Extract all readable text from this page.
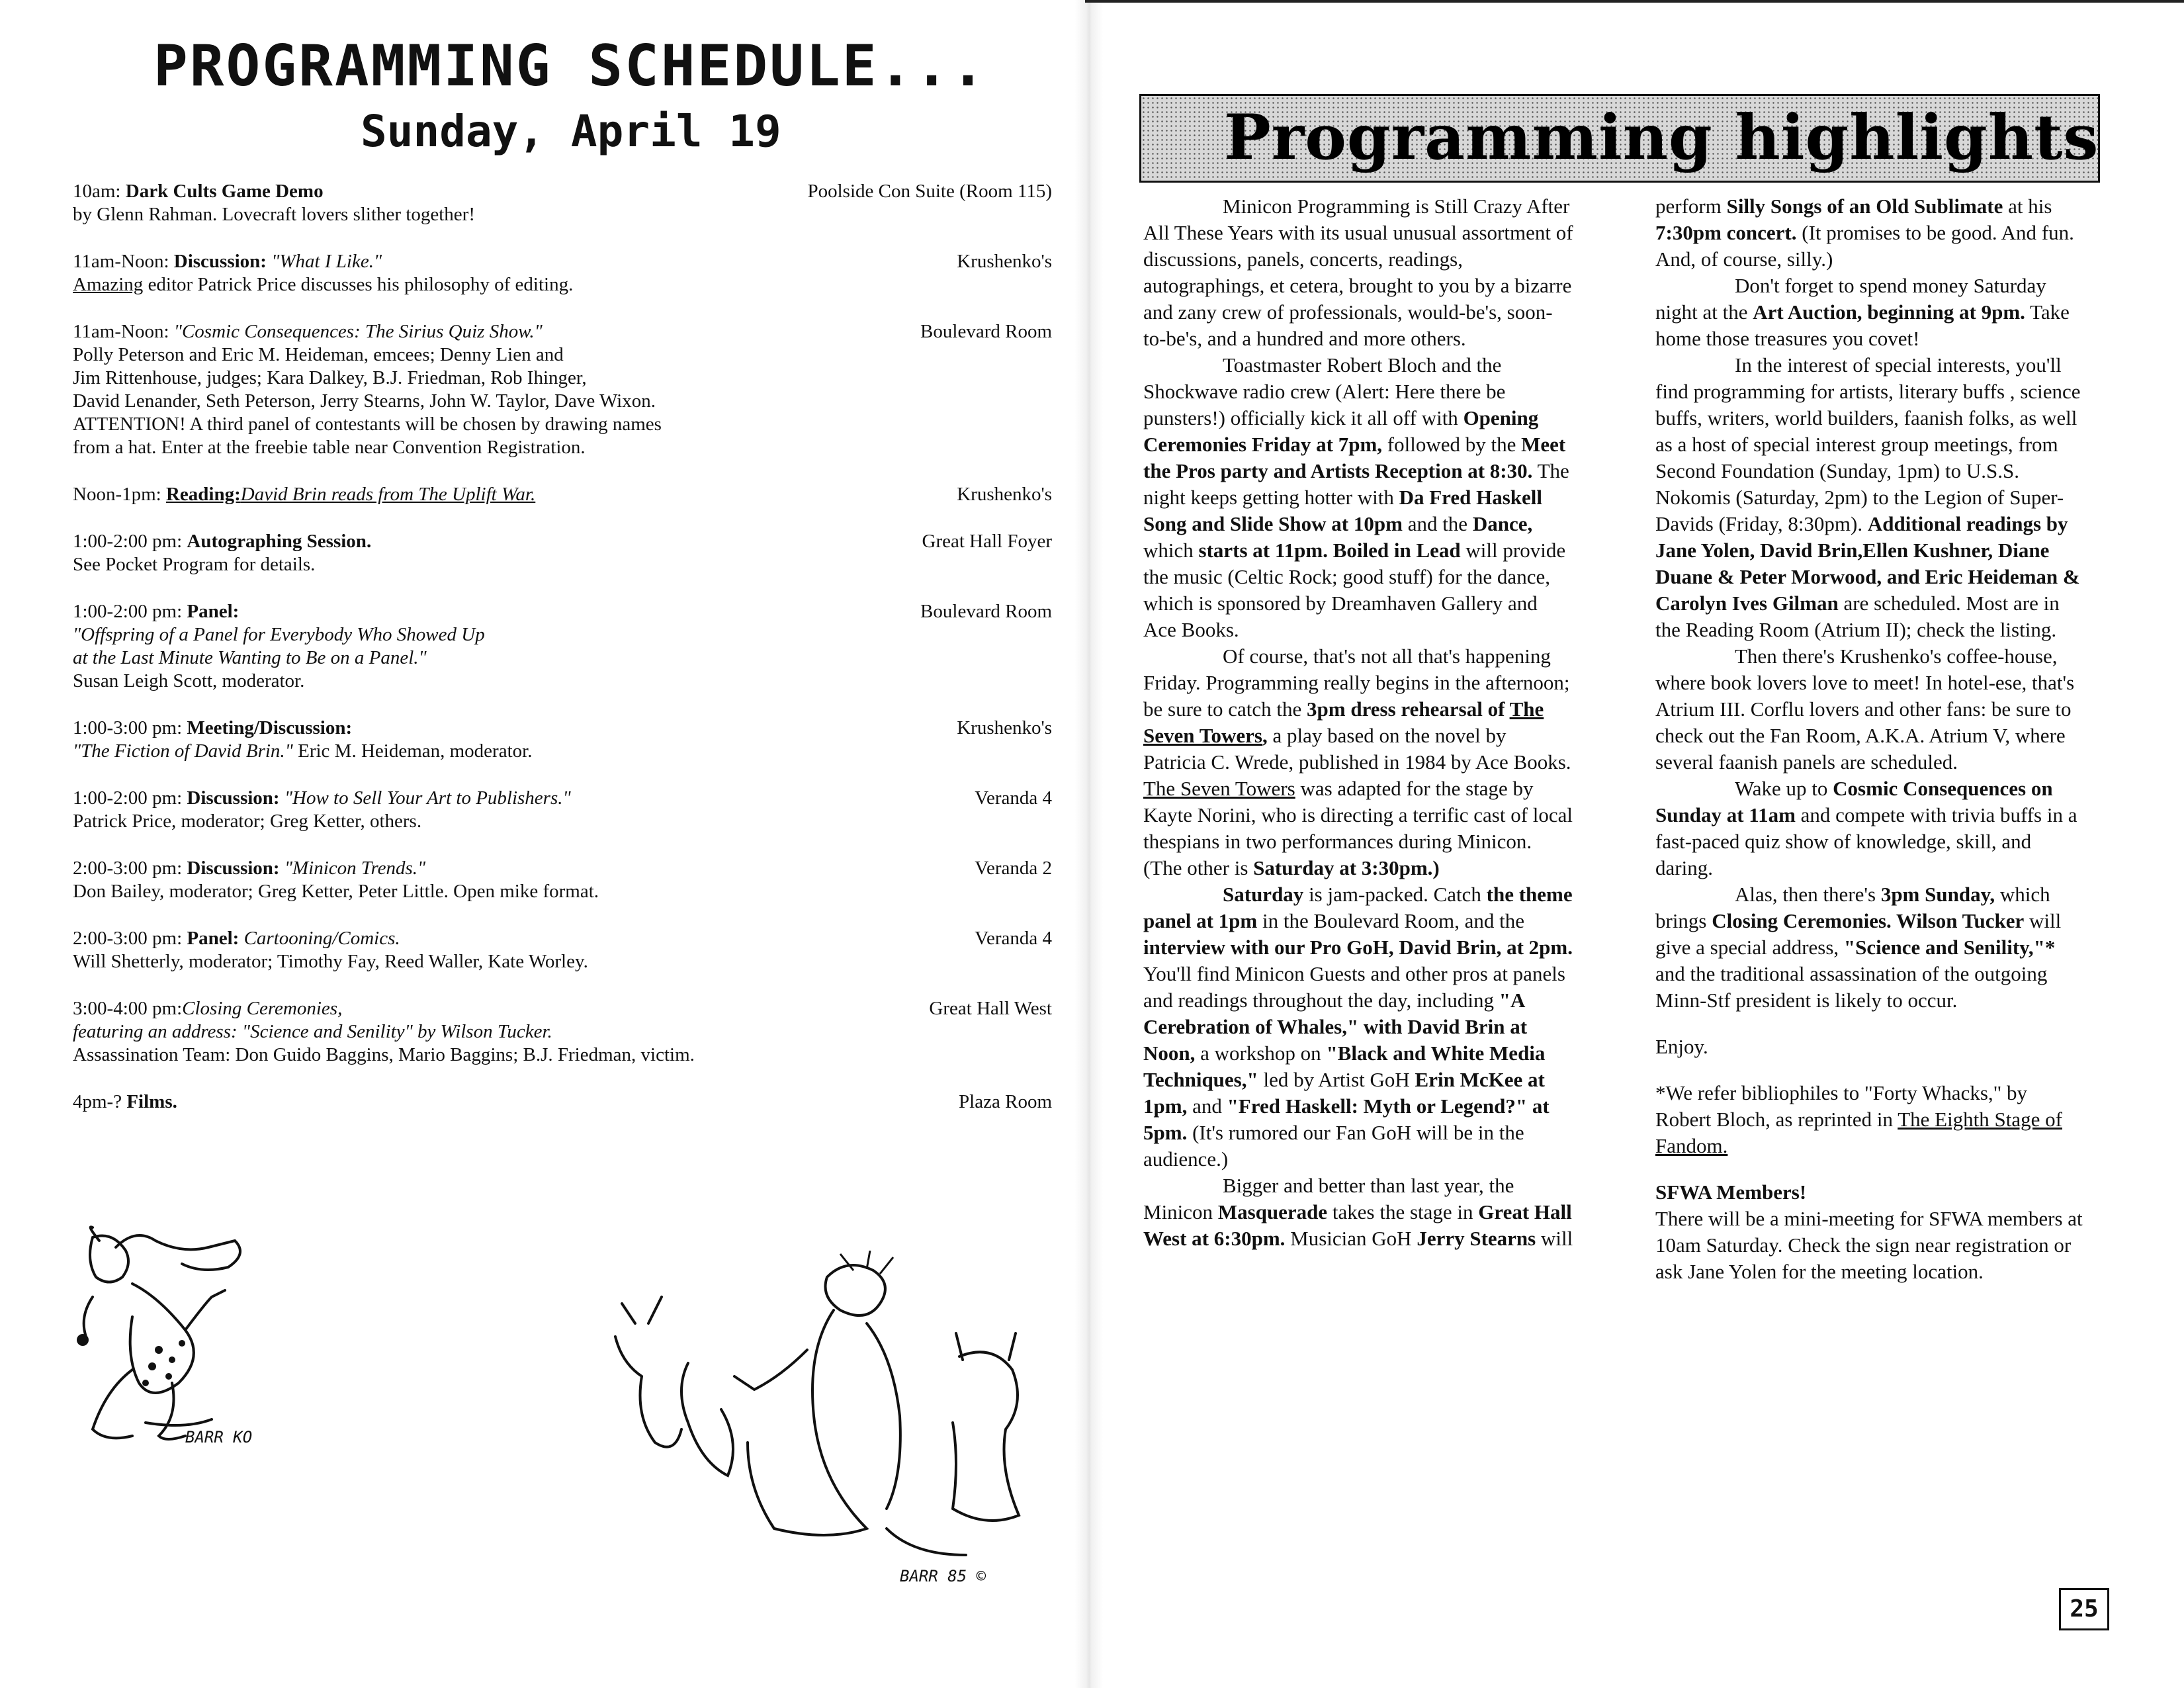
PROGRAMMING SCHEDULE...
Sunday, April 19
10am: Dark Cults Game Demo
by Glenn Rahman. Lovecraft lovers slither together!
Poolside Con Suite (Room 115)
11am-Noon: Discussion: "What I Like."
Amazing editor Patrick Price discusses his philosophy of editing.
Krushenko's
11am-Noon: "Cosmic Consequences: The Sirius Quiz Show."
Polly Peterson and Eric M. Heideman, emcees; Denny Lien and
Jim Rittenhouse, judges; Kara Dalkey, B.J. Friedman, Rob Ihinger,
David Lenander, Seth Peterson, Jerry Stearns, John W. Taylor, Dave Wixon.
ATTENTION! A third panel of contestants will be chosen by drawing names
from a hat. Enter at the freebie table near Convention Registration.
Boulevard Room
Noon-1pm: Reading:David Brin reads from The Uplift War.	Krushenko's
1:00-2:00 pm: Autographing Session.
See Pocket Program for details.
Great Hall Foyer
1:00-2:00 pm: Panel:
"Offspring of a Panel for Everybody Who Showed Up
at the Last Minute Wanting to Be on a Panel."
Susan Leigh Scott, moderator.
Boulevard Room
1:00-3:00 pm: Meeting/Discussion:
"The Fiction of David Brin." Eric M. Heideman, moderator.
Krushenko's
1:00-2:00 pm: Discussion: "How to Sell Your Art to Publishers."
Patrick Price, moderator; Greg Ketter, others.
Veranda 4
2:00-3:00 pm: Discussion: "Minicon Trends."
Don Bailey, moderator; Greg Ketter, Peter Little. Open mike format.
Veranda 2
2:00-3:00 pm: Panel: Cartooning/Comics.
Will Shetterly, moderator; Timothy Fay, Reed Waller, Kate Worley.
Veranda 4
3:00-4:00 pm:Closing Ceremonies,
featuring an address: "Science and Senility" by Wilson Tucker.
Assassination Team: Don Guido Baggins, Mario Baggins; B.J. Friedman, victim.
Great Hall West
4pm-? Films.	Plaza Room
BARR KO
BARR 85 ©
Programming highlights

Minicon Programming is Still Crazy After All These Years with its usual unusual assortment of discussions, panels, concerts, readings, autographings, et cetera, brought to you by a bizarre and zany crew of professionals, would-be's, soon-to-be's, and a hundred and more others.

Toastmaster Robert Bloch and the Shockwave radio crew (Alert: Here there be punsters!) officially kick it all off with Opening Ceremonies Friday at 7pm, followed by the Meet the Pros party and Artists Reception at 8:30. The night keeps getting hotter with Da Fred Haskell Song and Slide Show at 10pm and the Dance, which starts at 11pm. Boiled in Lead will provide the music (Celtic Rock; good stuff) for the dance, which is sponsored by Dreamhaven Gallery and Ace Books.

Of course, that's not all that's happening Friday. Programming really begins in the afternoon; be sure to catch the 3pm dress rehearsal of The Seven Towers, a play based on the novel by Patricia C. Wrede, published in 1984 by Ace Books. The Seven Towers was adapted for the stage by Kayte Norini, who is directing a terrific cast of local thespians in two performances during Minicon. (The other is Saturday at 3:30pm.)

Saturday is jam-packed. Catch the theme panel at 1pm in the Boulevard Room, and the interview with our Pro GoH, David Brin, at 2pm. You'll find Minicon Guests and other pros at panels and readings throughout the day, including "A Cerebration of Whales," with David Brin at Noon, a workshop on "Black and White Media Techniques," led by Artist GoH Erin McKee at 1pm, and "Fred Haskell: Myth or Legend?" at 5pm. (It's rumored our Fan GoH will be in the audience.)

Bigger and better than last year, the Minicon Masquerade takes the stage in Great Hall West at 6:30pm. Musician GoH Jerry Stearns will

perform Silly Songs of an Old Sublimate at his 7:30pm concert. (It promises to be good. And fun. And, of course, silly.)

Don't forget to spend money Saturday night at the Art Auction, beginning at 9pm. Take home those treasures you covet!

In the interest of special interests, you'll find programming for artists, literary buffs , science buffs, writers, world builders, faanish folks, as well as a host of special interest group meetings, from Second Foundation (Sunday, 1pm) to U.S.S. Nokomis (Saturday, 2pm) to the Legion of Super-Davids (Friday, 8:30pm). Additional readings by Jane Yolen, David Brin,Ellen Kushner, Diane Duane & Peter Morwood, and Eric Heideman & Carolyn Ives Gilman are scheduled. Most are in the Reading Room (Atrium II); check the listing.

Then there's Krushenko's coffee-house, where book lovers love to meet! In hotel-ese, that's Atrium III. Corflu lovers and other fans: be sure to check out the Fan Room, A.K.A. Atrium V, where several faanish panels are scheduled.

Wake up to Cosmic Consequences on Sunday at 11am and compete with trivia buffs in a fast-paced quiz show of knowledge, skill, and daring.

Alas, then there's 3pm Sunday, which brings Closing Ceremonies. Wilson Tucker will give a special address, "Science and Senility,"* and the traditional assassination of the outgoing Minn-Stf president is likely to occur.

Enjoy.

*We refer bibliophiles to "Forty Whacks," by Robert Bloch, as reprinted in The Eighth Stage of Fandom.

SFWA Members!

There will be a mini-meeting for SFWA members at 10am Saturday. Check the sign near registration or ask Jane Yolen for the meeting location.

25
